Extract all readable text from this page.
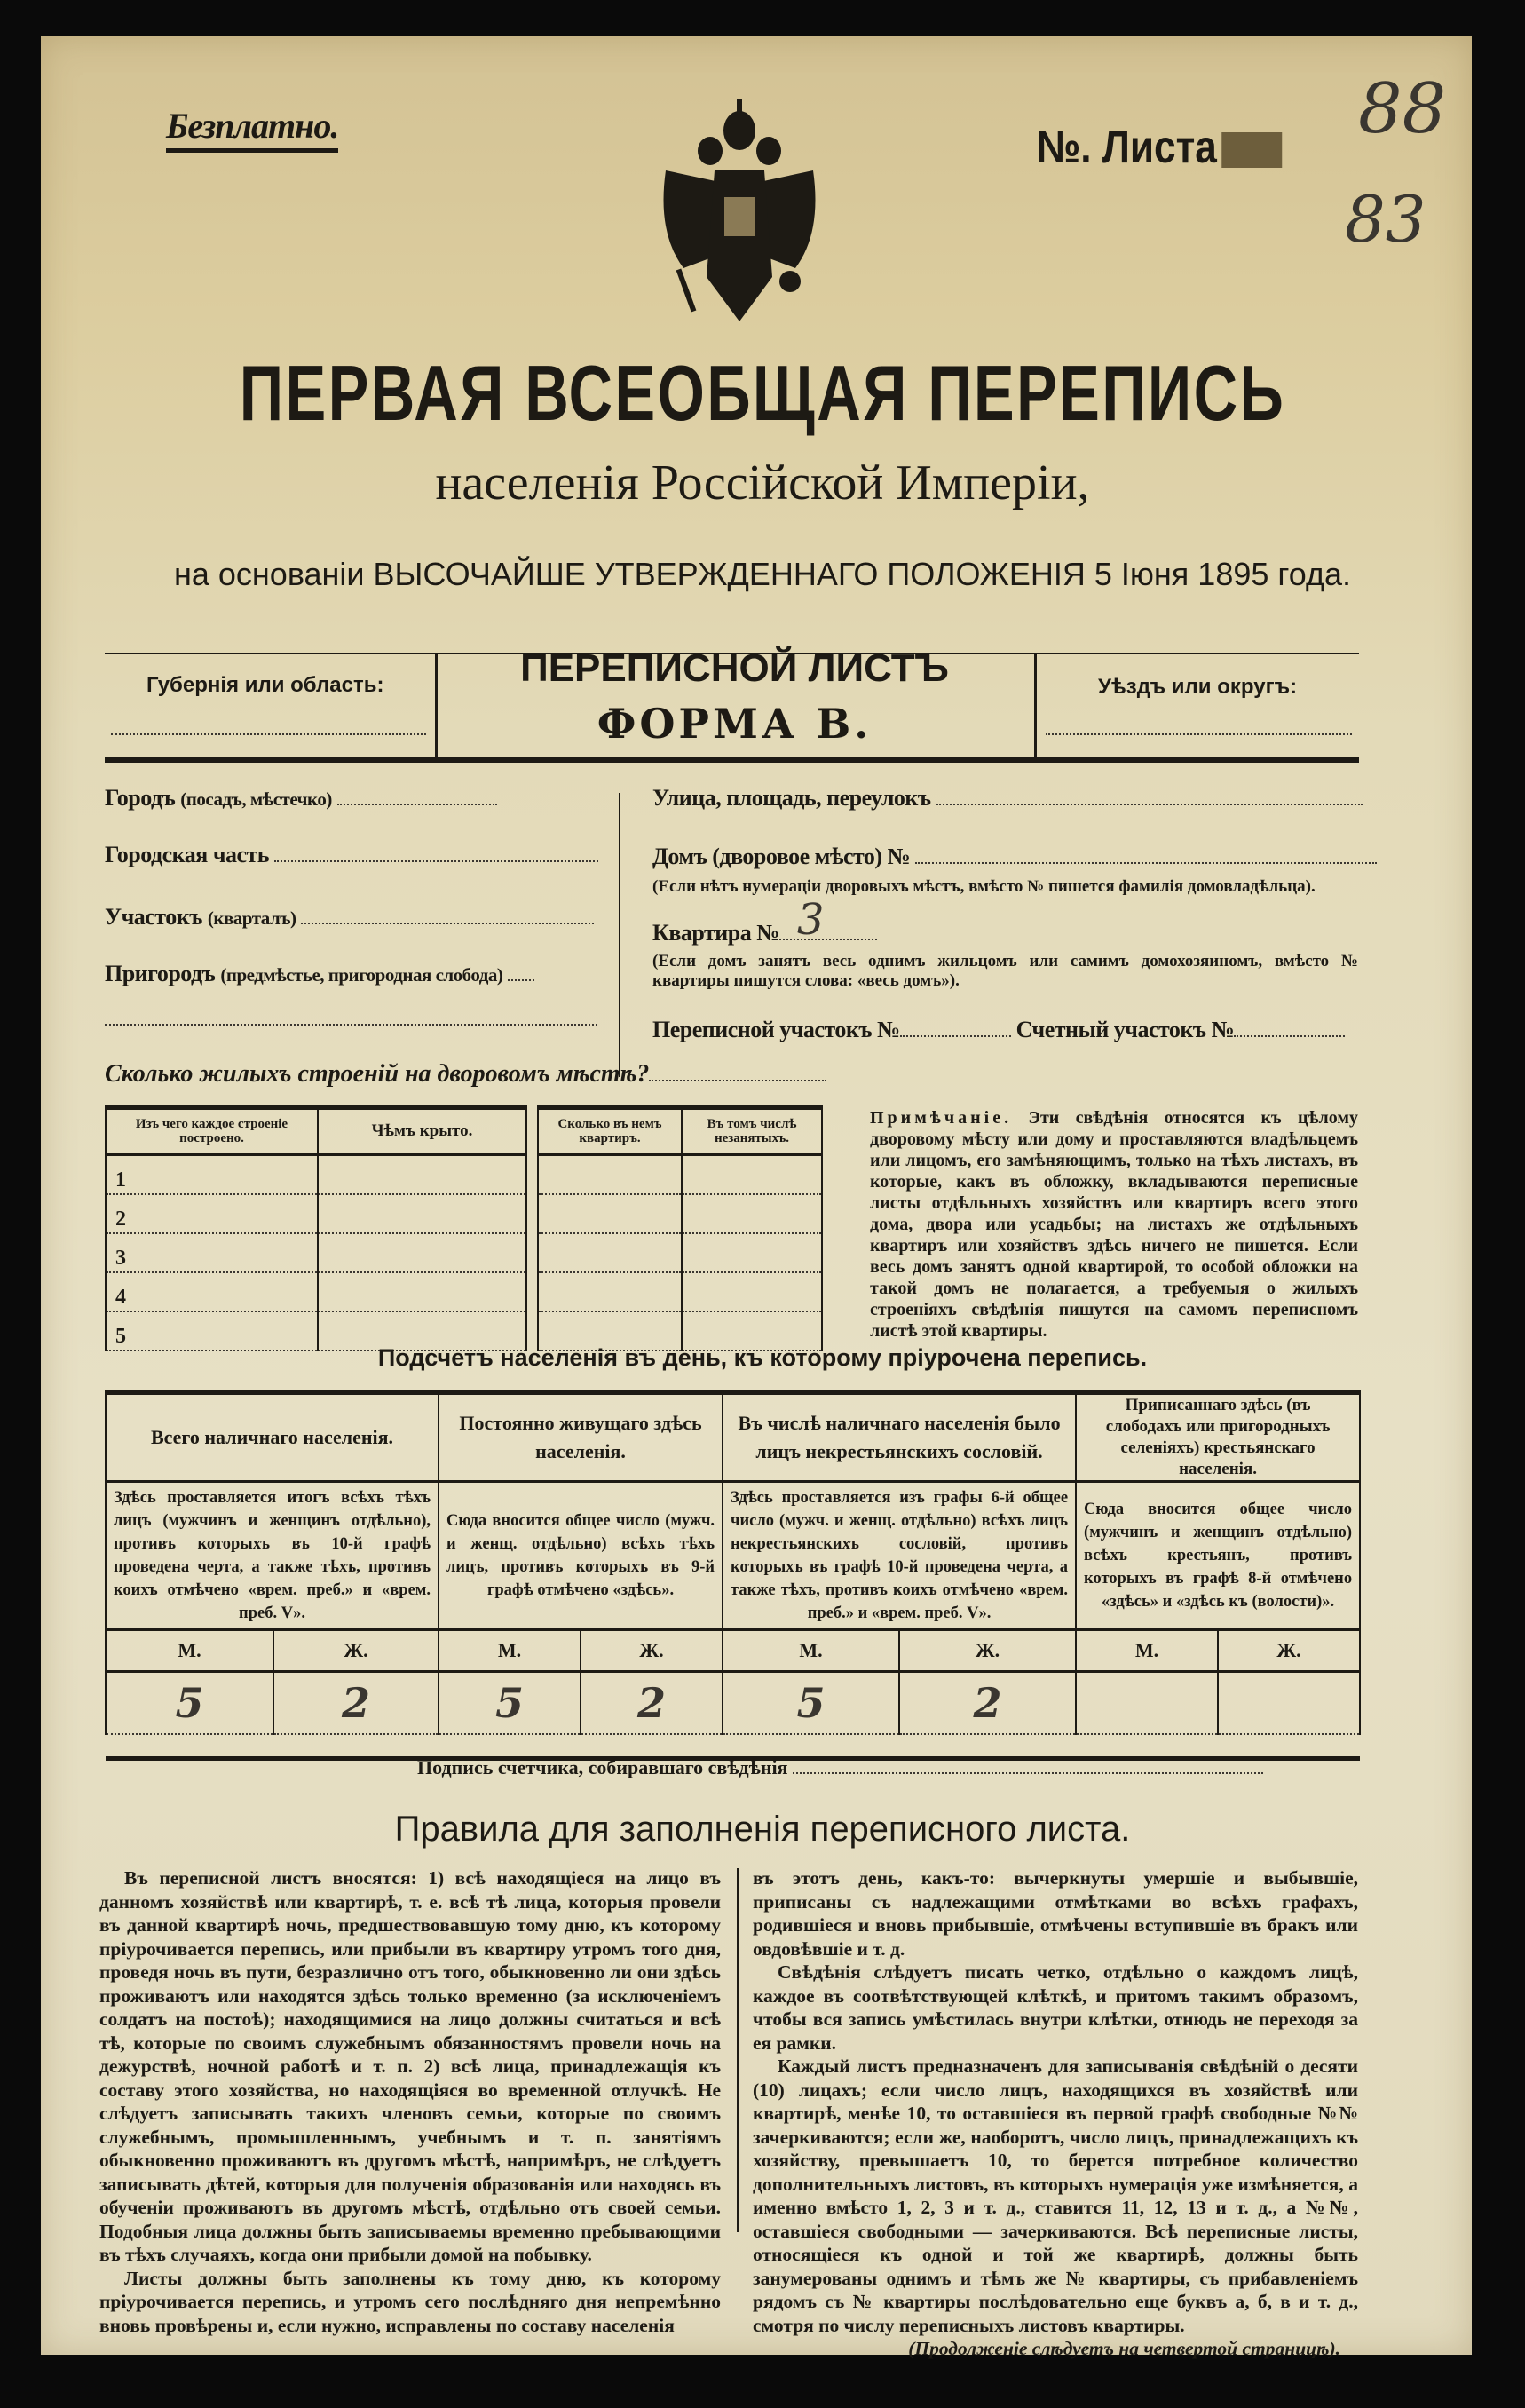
Безплатно.	№. Листа	88
83
ПЕРВАЯ ВСЕОБЩАЯ ПЕРЕПИСЬ
населенія Россійской Имперіи,
на основаніи ВЫСОЧАЙШЕ УТВЕРЖДЕННАГО ПОЛОЖЕНІЯ 5 Іюня 1895 года.
Губернія или область:	ПЕРЕПИСНОЙ ЛИСТЪ
ФОРМА В.
Уѣздъ или округъ:
Городъ (посадъ, мѣстечко)
Городская часть
Участокъ (кварталъ)
Пригородъ (предмѣстье, пригородная слобода)
Улица, площадь, переулокъ
Домъ (дворовое мѣсто) №
(Если нѣтъ нумераціи дворовыхъ мѣстъ, вмѣсто № пишется фамилія домовладѣльца).
Квартира № 3
(Если домъ занятъ весь однимъ жильцомъ или самимъ домохозяиномъ, вмѣсто № квартиры пишутся слова: «весь домъ»).
Переписной участокъ №	Счетный участокъ №
Сколько жилыхъ строеній на дворовомъ мѣстѣ?
Изъ чего каждое строеніе построено.	Чѣмъ крыто.
1	
2	
3	
4	
5	
Сколько въ немъ квартиръ.	Въ томъ числѣ незанятыхъ.

Примѣчаніе. Эти свѣдѣнія относятся къ цѣлому дворовому мѣсту или дому и проставляются владѣльцемъ или лицомъ, его замѣняющимъ, только на тѣхъ листахъ, въ которые, какъ въ обложку, вкладываются переписные листы отдѣльныхъ хозяйствъ или квартиръ всего этого дома, двора или усадьбы; на листахъ же отдѣльныхъ квартиръ или хозяйствъ здѣсь ничего не пишется. Если весь домъ занятъ одной квартирой, то особой обложки на такой домъ не полагается, а требуемыя о жилыхъ строеніяхъ свѣдѣнія пишутся на самомъ переписномъ листѣ этой квартиры.
Подсчетъ населенія въ день, къ которому пріурочена перепись.
Всего наличнаго населенія.		Постоянно живущаго здѣсь населенія.		Въ числѣ наличнаго населенія было лицъ некрестьянскихъ сословій.		Приписаннаго здѣсь (въ слободахъ или пригородныхъ селеніяхъ) крестьянскаго населенія.	
Здѣсь проставляется итогъ всѣхъ тѣхъ лицъ (мужчинъ и женщинъ отдѣльно), противъ которыхъ въ 10-й графѣ проведена черта, а также тѣхъ, противъ коихъ отмѣчено «врем. преб.» и «врем. преб. V».		Сюда вносится общее число (мужч. и женщ. отдѣльно) всѣхъ тѣхъ лицъ, противъ которыхъ въ 9-й графѣ отмѣчено «здѣсь».		Здѣсь проставляется изъ графы 6-й общее число (мужч. и женщ. отдѣльно) всѣхъ лицъ некрестьянскихъ сословій, противъ которыхъ въ графѣ 10-й проведена черта, а также тѣхъ, противъ коихъ отмѣчено «врем. преб.» и «врем. преб. V».		Сюда вносится общее число (мужчинъ и женщинъ отдѣльно) всѣхъ крестьянъ, противъ которыхъ въ графѣ 8-й отмѣчено «здѣсь» и «здѣсь къ (волости)».	
М.	Ж.	М.	Ж.	М.	Ж.	М.	Ж.
5	2	5	2	5	2		

Подпись счетчика, собиравшаго свѣдѣнія
Правила для заполненія переписного листа.

Въ переписной листъ вносятся: 1) всѣ находящіеся на лицо въ данномъ хозяйствѣ или квартирѣ, т. е. всѣ тѣ лица, которыя провели въ данной квартирѣ ночь, предшествовавшую тому дню, къ которому пріурочивается перепись, или прибыли въ квартиру утромъ того дня, проведя ночь въ пути, безразлично отъ того, обыкновенно ли они здѣсь проживаютъ или находятся здѣсь только временно (за исключеніемъ солдатъ на постоѣ); находящимися на лицо должны считаться и всѣ тѣ, которые по своимъ служебнымъ обязанностямъ провели ночь на дежурствѣ, ночной работѣ и т. п. 2) всѣ лица, принадлежащія къ составу этого хозяйства, но находящіяся во временной отлучкѣ. Не слѣдуетъ записывать такихъ членовъ семьи, которые по своимъ служебнымъ, промышленнымъ, учебнымъ и т. п. занятіямъ обыкновенно проживаютъ въ другомъ мѣстѣ, напримѣръ, не слѣдуетъ записывать дѣтей, которыя для полученія образованія или находясь въ обученіи проживаютъ въ другомъ мѣстѣ, отдѣльно отъ своей семьи. Подобныя лица должны быть записываемы временно пребывающими въ тѣхъ случаяхъ, когда они прибыли домой на побывку.

Листы должны быть заполнены къ тому дню, къ которому пріурочивается перепись, и утромъ сего послѣдняго дня непремѣнно вновь провѣрены и, если нужно, исправлены по составу населенія

въ этотъ день, какъ-то: вычеркнуты умершіе и выбывшіе, приписаны съ надлежащими отмѣтками во всѣхъ графахъ, родившіеся и вновь прибывшіе, отмѣчены вступившіе въ бракъ или овдовѣвшіе и т. д.

Свѣдѣнія слѣдуетъ писать четко, отдѣльно о каждомъ лицѣ, каждое въ соотвѣтствующей клѣткѣ, и притомъ такимъ образомъ, чтобы вся запись умѣстилась внутри клѣтки, отнюдь не переходя за ея рамки.

Каждый листъ предназначенъ для записыванія свѣдѣній о десяти (10) лицахъ; если число лицъ, находящихся въ хозяйствѣ или квартирѣ, менѣе 10, то оставшіеся въ первой графѣ свободные №№ зачеркиваются; если же, наоборотъ, число лицъ, принадлежащихъ къ хозяйству, превышаетъ 10, то берется потребное количество дополнительныхъ листовъ, въ которыхъ нумерація уже измѣняется, а именно вмѣсто 1, 2, 3 и т. д., ставится 11, 12, 13 и т. д., а №№, оставшіеся свободными — зачеркиваются. Всѣ переписные листы, относящіеся къ одной и той же квартирѣ, должны быть занумерованы однимъ и тѣмъ же № квартиры, съ прибавленіемъ рядомъ съ № квартиры послѣдовательно еще буквъ а, б, в и т. д., смотря по числу переписныхъ листовъ квартиры.

(Продолженіе слѣдуетъ на четвертой страницѣ).
